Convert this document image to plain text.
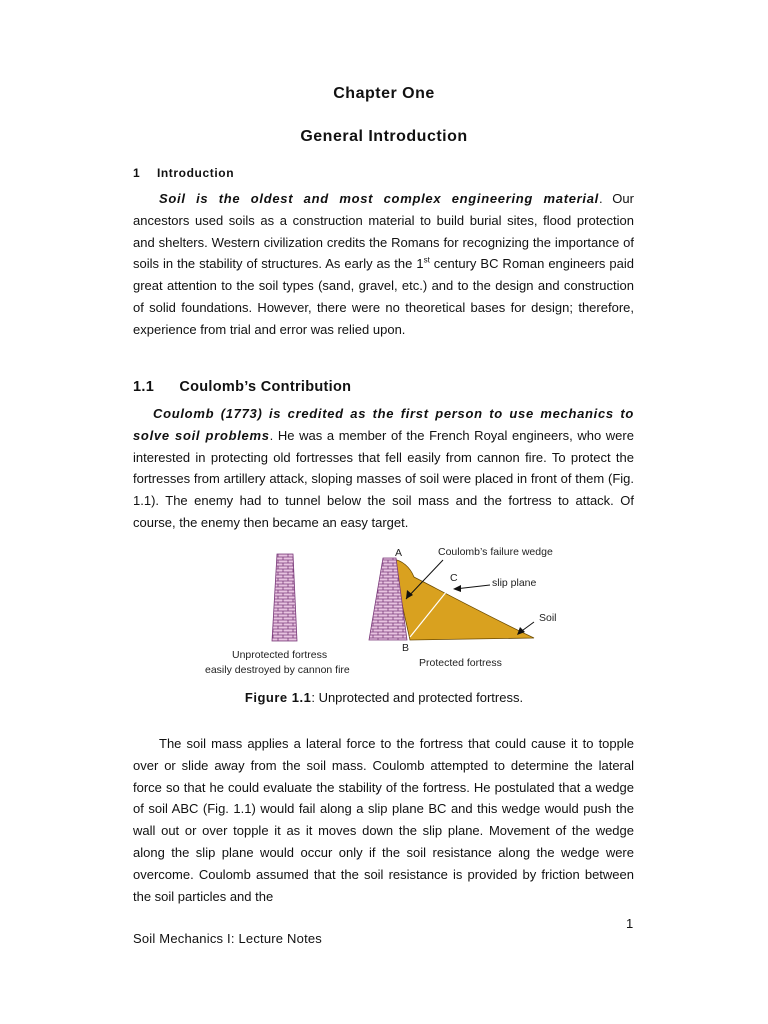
Chapter One
General Introduction
1 Introduction
Soil is the oldest and most complex engineering material. Our ancestors used soils as a construction material to build burial sites, flood protection and shelters. Western civilization credits the Romans for recognizing the importance of soils in the stability of structures. As early as the 1st century BC Roman engineers paid great attention to the soil types (sand, gravel, etc.) and to the design and construction of solid foundations. However, there were no theoretical bases for design; therefore, experience from trial and error was relied upon.
1.1 Coulomb’s Contribution
Coulomb (1773) is credited as the first person to use mechanics to solve soil problems. He was a member of the French Royal engineers, who were interested in protecting old fortresses that fell easily from cannon fire. To protect the fortresses from artillery attack, sloping masses of soil were placed in front of them (Fig. 1.1). The enemy had to tunnel below the soil mass and the fortress to attack. Of course, the enemy then became an easy target.
A
C
B
Coulomb’s failure wedge
slip plane
Soil
Unprotected fortress
easily destroyed by cannon fire
Protected fortress
Figure 1.1: Unprotected and protected fortress.
The soil mass applies a lateral force to the fortress that could cause it to topple over or slide away from the soil mass. Coulomb attempted to determine the lateral force so that he could evaluate the stability of the fortress. He postulated that a wedge of soil ABC (Fig. 1.1) would fail along a slip plane BC and this wedge would push the wall out or over topple it as it moves down the slip plane. Movement of the wedge along the slip plane would occur only if the soil resistance along the wedge were overcome. Coulomb assumed that the soil resistance is provided by friction between the soil particles and the
1
Soil Mechanics I: Lecture Notes
